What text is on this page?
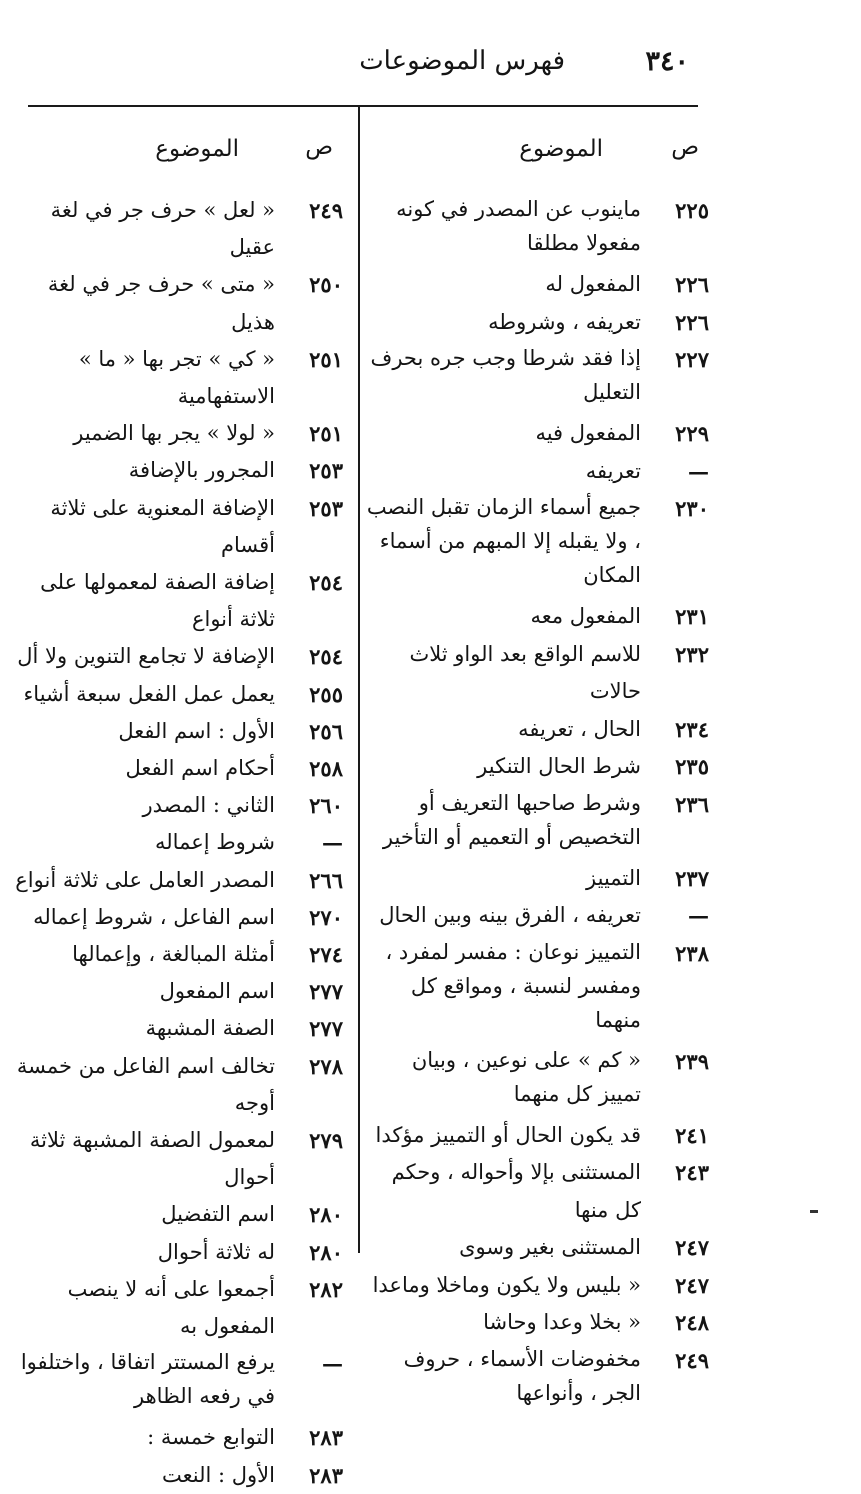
٣٤٠
فهرس الموضوعات
ص
الموضوع
٢٢٥
ماينوب عن المصدر في كونه مفعولا مطلقا
٢٢٦
المفعول له
٢٢٦
تعريفه ، وشروطه
٢٢٧
إذا فقد شرطا وجب جره بحرف التعليل
٢٢٩
المفعول فيه
—
تعريفه
٢٣٠
جميع أسماء الزمان تقبل النصب ، ولا يقبله إلا المبهم من أسماء المكان
٢٣١
المفعول معه
٢٣٢
للاسم الواقع بعد الواو ثلاث حالات
٢٣٤
الحال ، تعريفه
٢٣٥
شرط الحال التنكير
٢٣٦
وشرط صاحبها التعريف أو التخصيص أو التعميم أو التأخير
٢٣٧
التمييز
—
تعريفه ، الفرق بينه وبين الحال
٢٣٨
التمييز نوعان : مفسر لمفرد ، ومفسر لنسبة ، ومواقع كل منهما
٢٣٩
« كم » على نوعين ، وبيان تمييز كل منهما
٢٤١
قد يكون الحال أو التمييز مؤكدا
٢٤٣
المستثنى بإلا وأحواله ، وحكم كل منها
٢٤٧
المستثنى بغير وسوى
٢٤٧
« بليس ولا يكون وماخلا وماعدا
٢٤٨
« بخلا وعدا وحاشا
٢٤٩
مخفوضات الأسماء ، حروف الجر ، وأنواعها
ص
الموضوع
٢٤٩
« لعل » حرف جر في لغة عقيل
٢٥٠
« متى » حرف جر في لغة هذيل
٢٥١
« كي » تجر بها « ما » الاستفهامية
٢٥١
« لولا » يجر بها الضمير
٢٥٣
المجرور بالإضافة
٢٥٣
الإضافة المعنوية على ثلاثة أقسام
٢٥٤
إضافة الصفة لمعمولها على ثلاثة أنواع
٢٥٤
الإضافة لا تجامع التنوين ولا أل
٢٥٥
يعمل عمل الفعل سبعة أشياء
٢٥٦
الأول : اسم الفعل
٢٥٨
أحكام اسم الفعل
٢٦٠
الثاني : المصدر
—
شروط إعماله
٢٦٦
المصدر العامل على ثلاثة أنواع
٢٧٠
اسم الفاعل ، شروط إعماله
٢٧٤
أمثلة المبالغة ، وإعمالها
٢٧٧
اسم المفعول
٢٧٧
الصفة المشبهة
٢٧٨
تخالف اسم الفاعل من خمسة أوجه
٢٧٩
لمعمول الصفة المشبهة ثلاثة أحوال
٢٨٠
اسم التفضيل
٢٨٠
له ثلاثة أحوال
٢٨٢
أجمعوا على أنه لا ينصب المفعول به
—
يرفع المستتر اتفاقا ، واختلفوا في رفعه الظاهر
٢٨٣
التوابع خمسة :
٢٨٣
الأول : النعت
